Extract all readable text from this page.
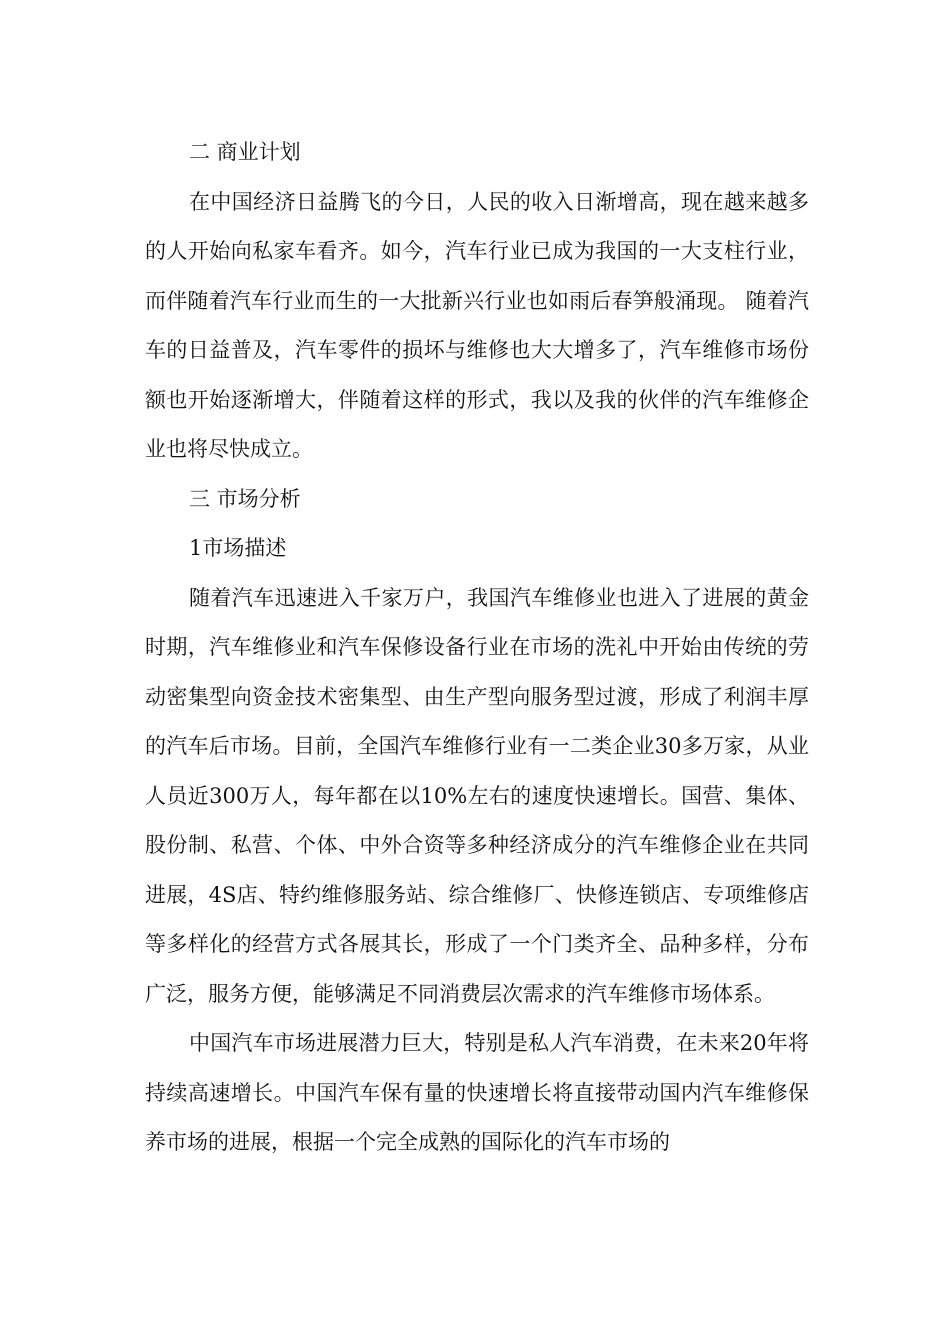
二 商业计划

在中国经济日益腾飞的今日，人民的收入日渐增高，现在越来越多的人开始向私家车看齐。如今，汽车行业已成为我国的一大支柱行业，而伴随着汽车行业而生的一大批新兴行业也如雨后春笋般涌现。 随着汽车的日益普及，汽车零件的损坏与维修也大大增多了，汽车维修市场份额也开始逐渐增大，伴随着这样的形式，我以及我的伙伴的汽车维修企业也将尽快成立。

三 市场分析

1市场描述

随着汽车迅速进入千家万户，我国汽车维修业也进入了进展的黄金时期，汽车维修业和汽车保修设备行业在市场的洗礼中开始由传统的劳动密集型向资金技术密集型、由生产型向服务型过渡，形成了利润丰厚的汽车后市场。目前，全国汽车维修行业有一二类企业30多万家，从业人员近300万人，每年都在以10%左右的速度快速增长。国营、集体、股份制、私营、个体、中外合资等多种经济成分的汽车维修企业在共同进展，4S店、特约维修服务站、综合维修厂、快修连锁店、专项维修店等多样化的经营方式各展其长，形成了一个门类齐全、品种多样，分布广泛，服务方便，能够满足不同消费层次需求的汽车维修市场体系。

中国汽车市场进展潜力巨大，特别是私人汽车消费，在未来20年将持续高速增长。中国汽车保有量的快速增长将直接带动国内汽车维修保养市场的进展，根据一个完全成熟的国际化的汽车市场的
